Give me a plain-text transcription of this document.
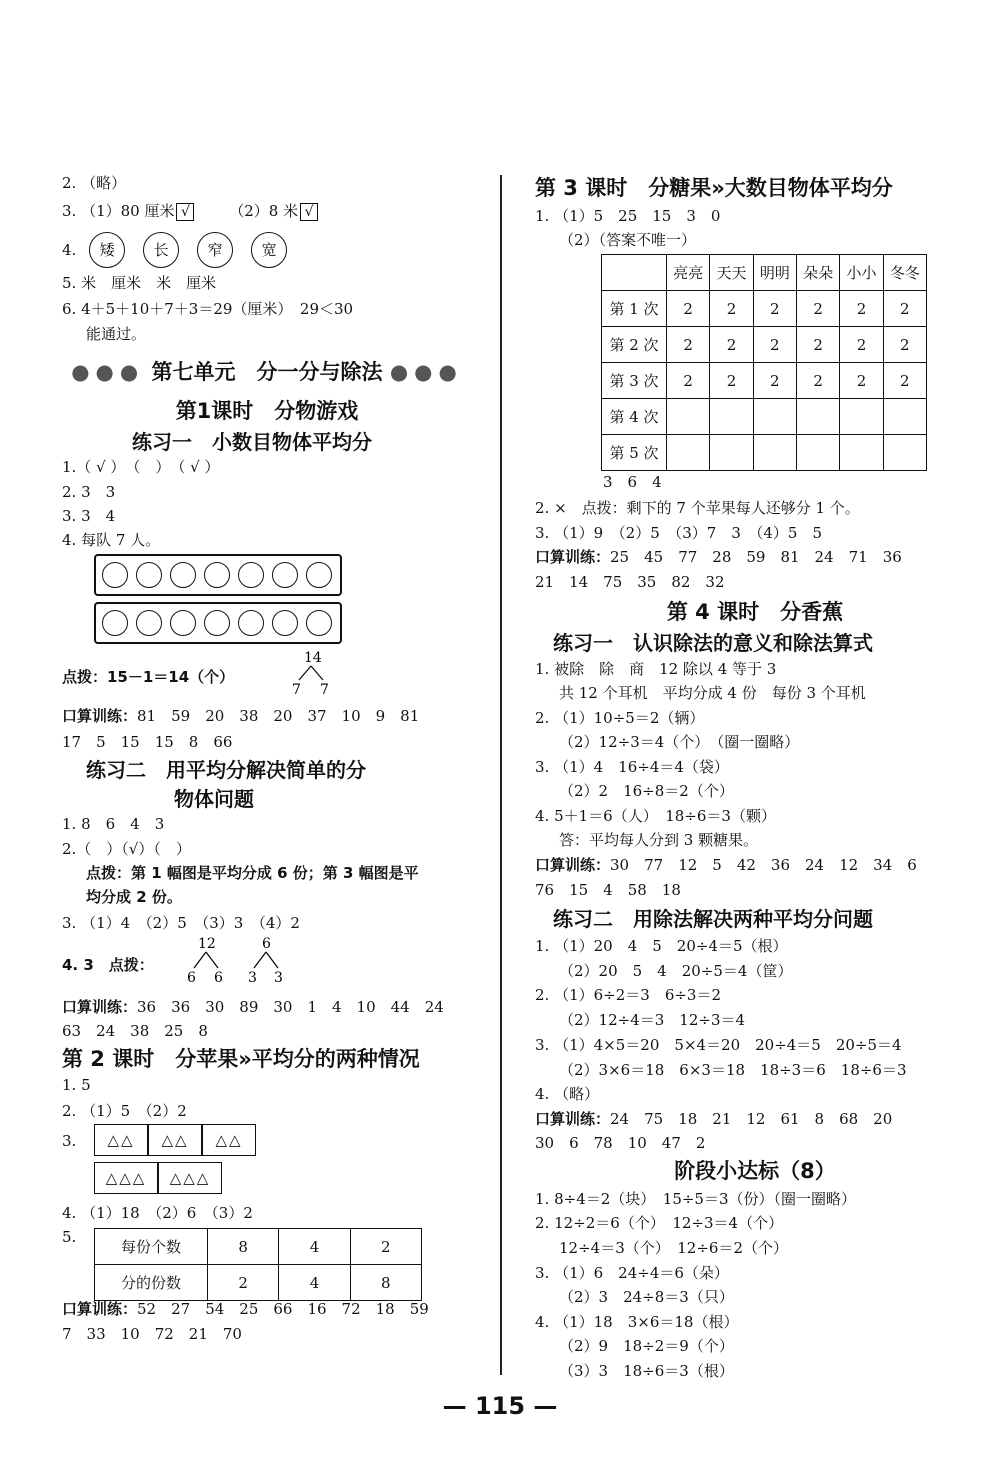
2. （略）
3. （1）80 厘米 √	（2）8 米 √
4. 矮	长	窄	宽
5. 米　厘米　米　厘米
6. 4＋5＋10＋7＋3＝29（厘米）　29＜30
能通过。
●●● 第七单元　分一分与除法 ●●●
第1课时　分物游戏
练习一　小数目物体平均分
1.（ √ ）　（　）　（ √ ）
2. 3　3
3. 3　4
4. 每队 7 人。
点拨：15－1＝14（个）
14
7 7
口算训练：81　59　20　38　20　37　10　9　81
17　5　15　15　8　66
练习二　用平均分解决简单的分
物体问题
1. 8　6　4　3
2.（　）（√）（　）
点拨：第 1 幅图是平均分成 6 份；第 3 幅图是平
均分成 2 份。
3. （1）4　（2）5　（3）3　（4）2
4. 3　点拨：
12
6 6
6
3 3
口算训练：36　36　30　89　30　1　4　10　44　24
63　24　38　25　8
第 2 课时　分苹果»平均分的两种情况
1. 5
2. （1）5　（2）2
3.	△△	△△	△△
△△△	△△△
4. （1）18　（2）6　（3）2
5.
每份个数	8	4	2
分的份数	2	4	8
口算训练：52　27　54　25　66　16　72　18　59
7　33　10　72　21　70
第 3 课时　分糖果»大数目物体平均分
1. （1）5　25　15　3　0
（2）（答案不唯一）
	亮亮	天天	明明	朵朵	小小	冬冬
第 1 次	2	2	2	2	2	2
第 2 次	2	2	2	2	2	2
第 3 次	2	2	2	2	2	2
第 4 次						
第 5 次						
3　6　4
2. ×　点拨：剩下的 7 个苹果每人还够分 1 个。
3. （1）9　（2）5　（3）7　3　（4）5　5
口算训练：25　45　77　28　59　81　24　71　36
21　14　75　35　82　32
第 4 课时　分香蕉
练习一　认识除法的意义和除法算式
1. 被除　除　商　12 除以 4 等于 3
共 12 个耳机　平均分成 4 份　每份 3 个耳机
2. （1）10÷5＝2（辆）
（2）12÷3＝4（个）　（圈一圈略）
3. （1）4　16÷4＝4（袋）
（2）2　16÷8＝2（个）
4. 5＋1＝6（人）　18÷6＝3（颗）
答：平均每人分到 3 颗糖果。
口算训练：30　77　12　5　42　36　24　12　34　6
76　15　4　58　18
练习二　用除法解决两种平均分问题
1. （1）20　4　5　20÷4＝5（根）
（2）20　5　4　20÷5＝4（筐）
2. （1）6÷2＝3　6÷3＝2
（2）12÷4＝3　12÷3＝4
3. （1）4×5＝20　5×4＝20　20÷4＝5　20÷5＝4
（2）3×6＝18　6×3＝18　18÷3＝6　18÷6＝3
4. （略）
口算训练：24　75　18　21　12　61　8　68　20
30　6　78　10　47　2
阶段小达标（8）
1. 8÷4＝2（块）　15÷5＝3（份）（圈一圈略）
2. 12÷2＝6（个）　12÷3＝4（个）
12÷4＝3（个）　12÷6＝2（个）
3. （1）6　24÷4＝6（朵）
（2）3　24÷8＝3（只）
4. （1）18　3×6＝18（根）
（2）9　18÷2＝9（个）
（3）3　18÷6＝3（根）
— 115 —
